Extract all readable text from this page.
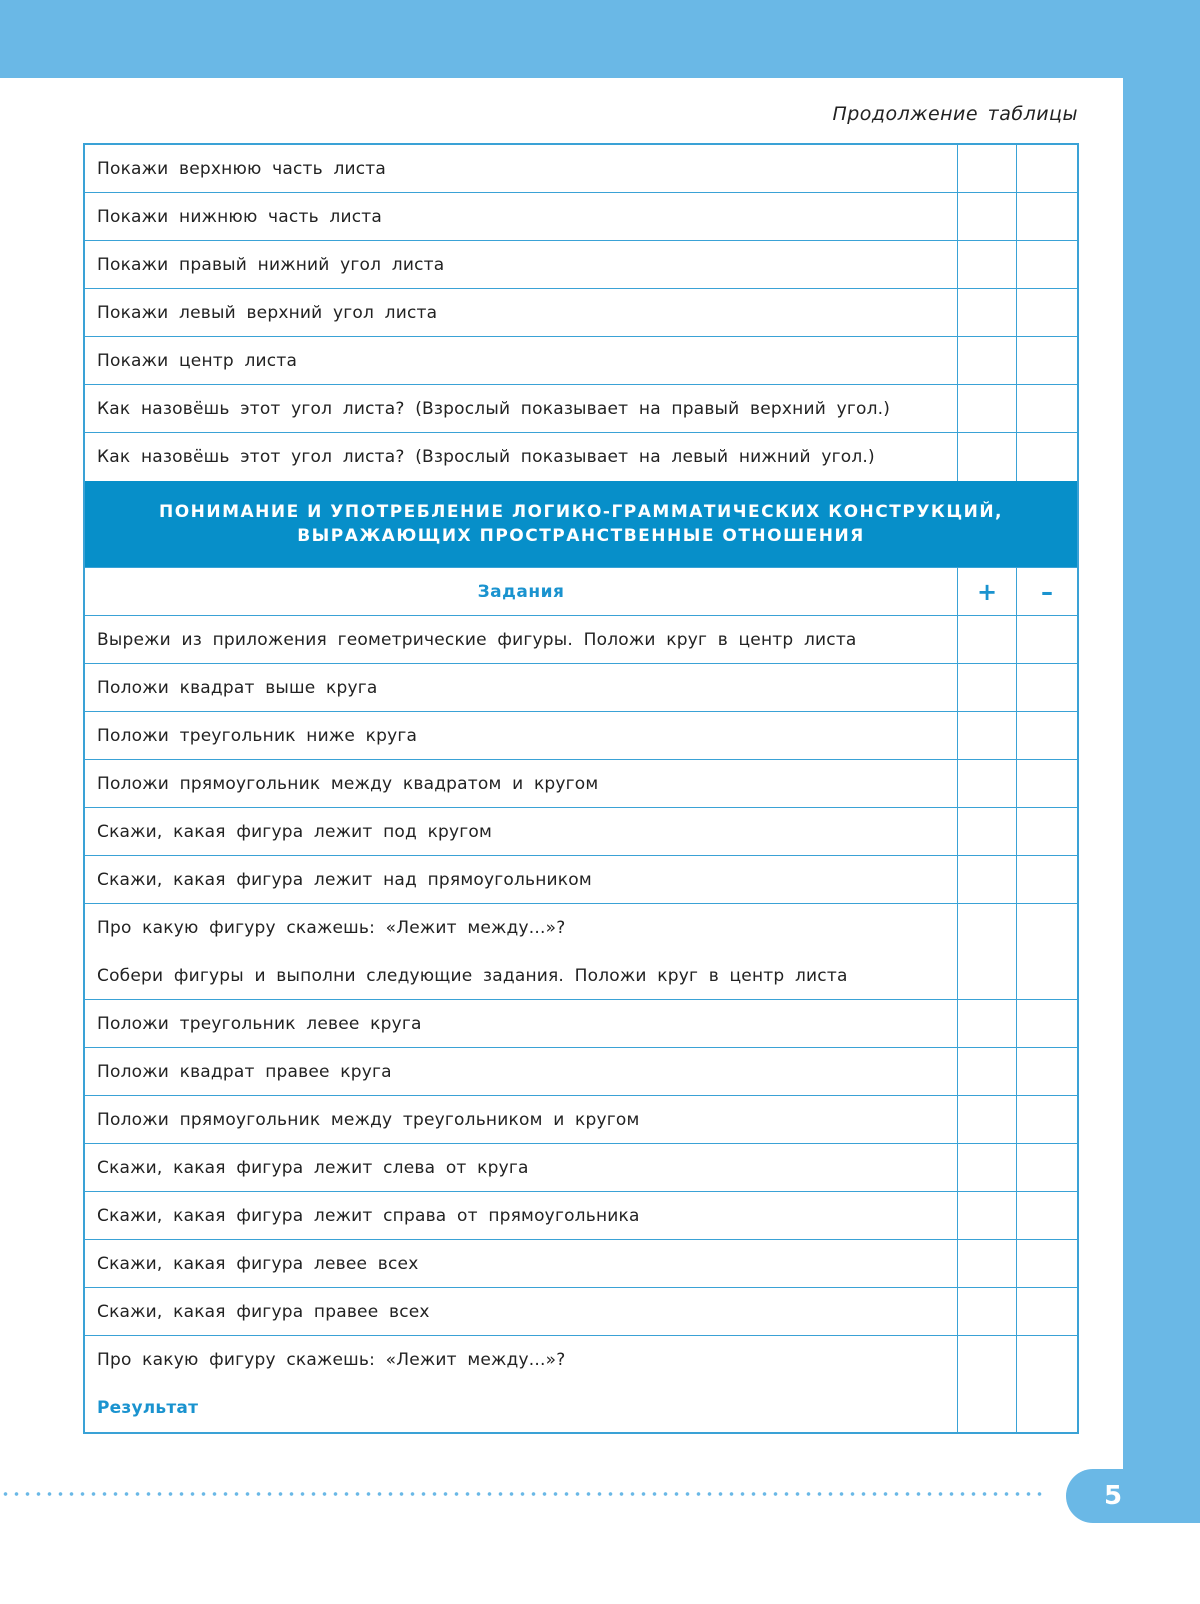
Продолжение таблицы
Покажи верхнюю часть листа
Покажи нижнюю часть листа
Покажи правый нижний угол листа
Покажи левый верхний угол листа
Покажи центр листа
Как назовёшь этот угол листа? (Взрослый показывает на правый верхний угол.)
Как назовёшь этот угол листа? (Взрослый показывает на левый нижний угол.)
ПОНИМАНИЕ И УПОТРЕБЛЕНИЕ ЛОГИКО-ГРАММАТИЧЕСКИХ КОНСТРУКЦИЙ,
ВЫРАЖАЮЩИХ ПРОСТРАНСТВЕННЫЕ ОТНОШЕНИЯ
Задания	+	–
Вырежи из приложения геометрические фигуры. Положи круг в центр листа
Положи квадрат выше круга
Положи треугольник ниже круга
Положи прямоугольник между квадратом и кругом
Скажи, какая фигура лежит под кругом
Скажи, какая фигура лежит над прямоугольником
Про какую фигуру скажешь: «Лежит между...»?
Собери фигуры и выполни следующие задания. Положи круг в центр листа
Положи треугольник левее круга
Положи квадрат правее круга
Положи прямоугольник между треугольником и кругом
Скажи, какая фигура лежит слева от круга
Скажи, какая фигура лежит справа от прямоугольника
Скажи, какая фигура левее всех
Скажи, какая фигура правее всех
Про какую фигуру скажешь: «Лежит между...»?
Результат
5
